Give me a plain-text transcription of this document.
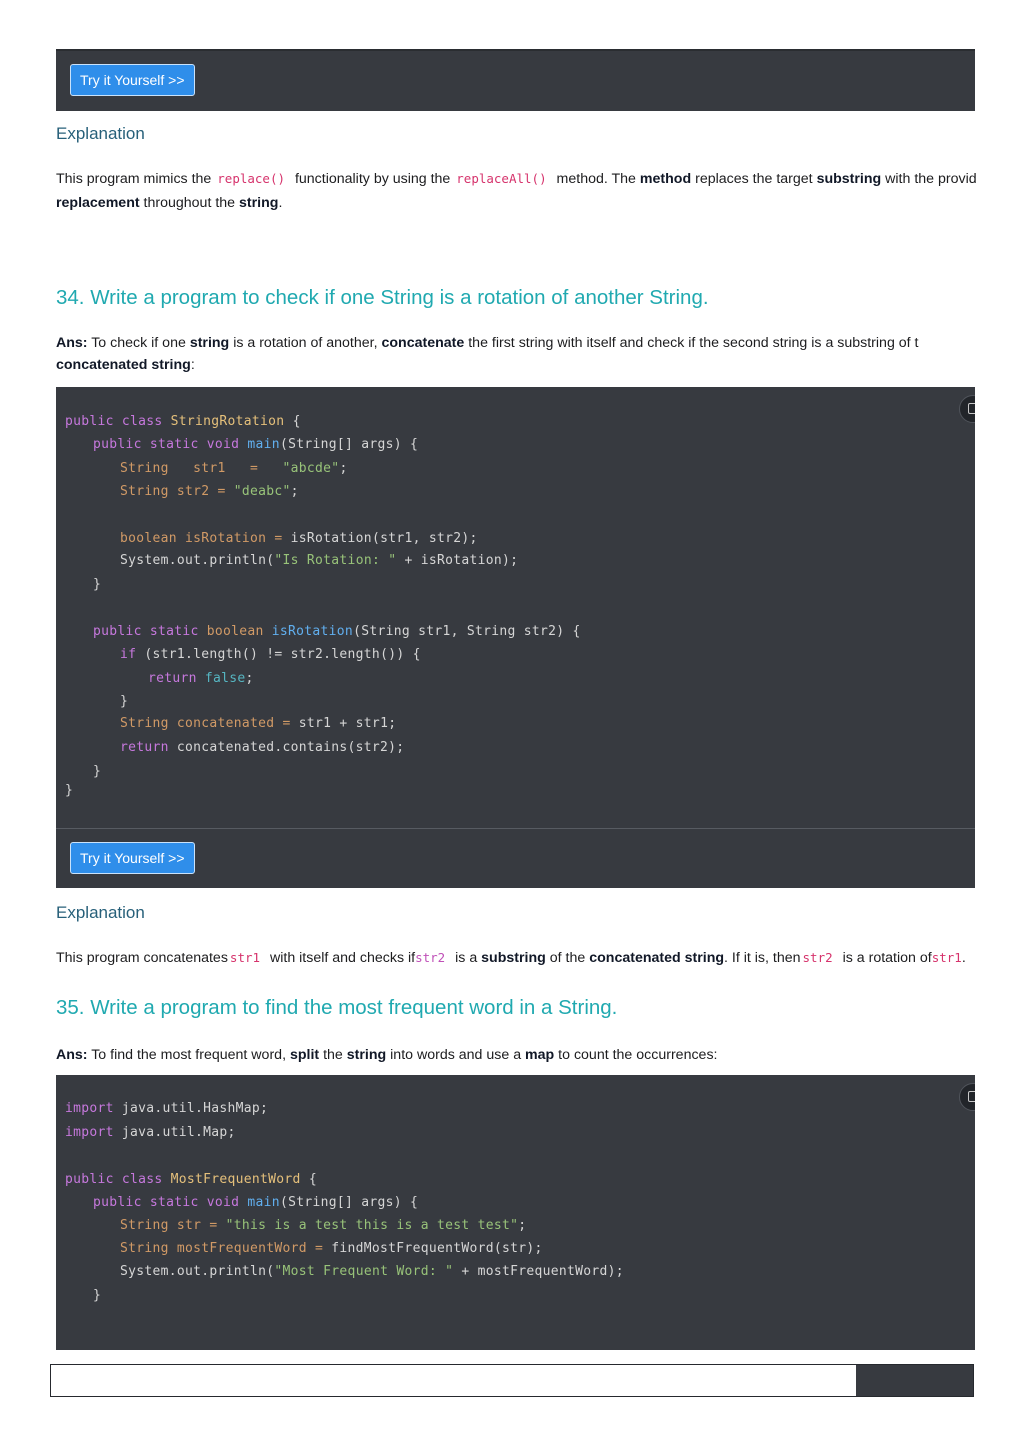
Try it Yourself >>
Explanation
This program mimics the replace() functionality by using the replaceAll() method. The method replaces the target substring with the provid
replacement throughout the string.
34. Write a program to check if one String is a rotation of another String.
Ans: To check if one string is a rotation of another, concatenate the first string with itself and check if the second string is a substring of t
concatenated string:
public class StringRotation {
public static void main(String[] args) {
String   str1   =   "abcde";
String str2 = "deabc";
boolean isRotation = isRotation(str1, str2);
System.out.println("Is Rotation: " + isRotation);
}
public static boolean isRotation(String str1, String str2) {
if (str1.length() != str2.length()) {
return false;
}
String concatenated = str1 + str1;
return concatenated.contains(str2);
}
}
Try it Yourself >>
Explanation
This program concatenates str1 with itself and checks ifstr2 is a substring of the concatenated string. If it is, then str2 is a rotation ofstr1.
35. Write a program to find the most frequent word in a String.
Ans: To find the most frequent word, split the string into words and use a map to count the occurrences:
import java.util.HashMap;
import java.util.Map;
public class MostFrequentWord {
public static void main(String[] args) {
String str = "this is a test this is a test test";
String mostFrequentWord = findMostFrequentWord(str);
System.out.println("Most Frequent Word: " + mostFrequentWord);
}
